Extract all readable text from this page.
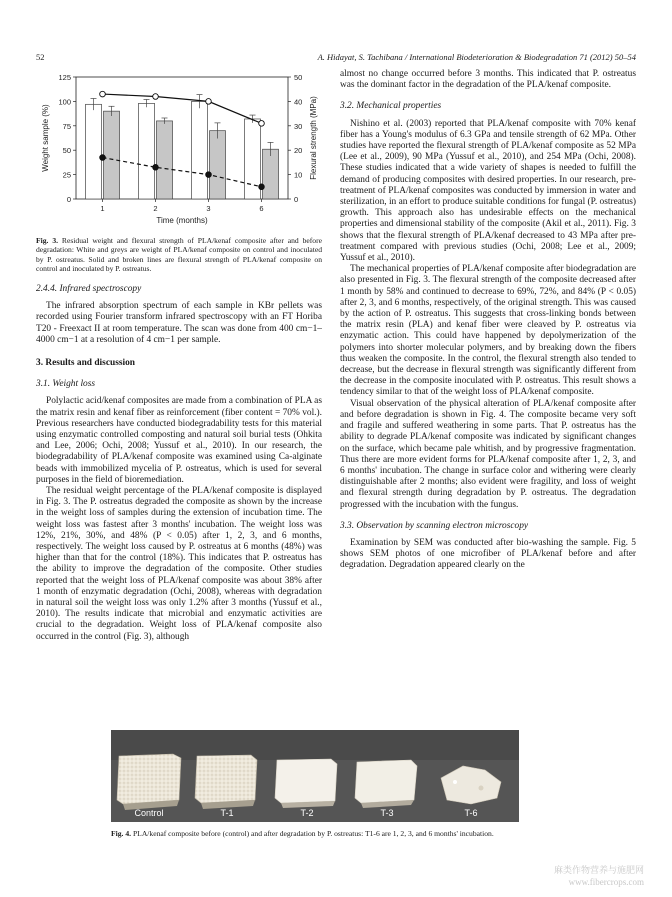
52	A. Hidayat, S. Tachibana / International Biodeterioration & Biodegradation 71 (2012) 50–54
0
25
50
75
100
125
0
10
20
30
40
50
1	2	3	6
Time (months)
Weight sample (%)	Flexural strength (MPa)
Fig. 3. Residual weight and flexural strength of PLA/kenaf composite after and before degradation: White and greys are weight of PLA/kenaf composite on control and inoculated by P. ostreatus. Solid and broken lines are flexural strength of PLA/kenaf composite on control and inoculated by P. ostreatus.
2.4.4. Infrared spectroscopy

The infrared absorption spectrum of each sample in KBr pellets was recorded using Fourier transform infrared spectroscopy with an FT Horiba T20 - Freexact II at room temperature. The scan was done from 400 cm−1–4000 cm−1 at a resolution of 4 cm−1 per sample.

3. Results and discussion
3.1. Weight loss

Polylactic acid/kenaf composites are made from a combination of PLA as the matrix resin and kenaf fiber as reinforcement (fiber content = 70% vol.). Previous researchers have conducted biodegradability tests for this material using enzymatic controlled composting and natural soil burial tests (Ohkita and Lee, 2006; Ochi, 2008; Yussuf et al., 2010). In our research, the biodegradability of PLA/kenaf composite was examined using Ca-alginate beads with immobilized mycelia of P. ostreatus, which is used for several purposes in the field of bioremediation.

The residual weight percentage of the PLA/kenaf composite is displayed in Fig. 3. The P. ostreatus degraded the composite as shown by the increase in the weight loss of samples during the extension of incubation time. The weight loss was fastest after 3 months' incubation. The weight loss was 12%, 21%, 30%, and 48% (P < 0.05) after 1, 2, 3, and 6 months, respectively. The weight loss caused by P. ostreatus at 6 months (48%) was higher than that for the control (18%). This indicates that P. ostreatus has the ability to improve the degradation of the composite. Other studies reported that the weight loss of PLA/kenaf composite was about 38% after 1 month of enzymatic degradation (Ochi, 2008), whereas with degradation in natural soil the weight loss was only 1.2% after 3 months (Yussuf et al., 2010). The results indicate that microbial and enzymatic activities are crucial to the degradation. Weight loss of PLA/kenaf composite also occurred in the control (Fig. 3), although

almost no change occurred before 3 months. This indicated that P. ostreatus was the dominant factor in the degradation of the PLA/kenaf composite.

3.2. Mechanical properties

Nishino et al. (2003) reported that PLA/kenaf composite with 70% kenaf fiber has a Young's modulus of 6.3 GPa and tensile strength of 62 MPa. Other studies have reported the flexural strength of PLA/kenaf composite as 52 MPa (Lee et al., 2009), 90 MPa (Yussuf et al., 2010), and 254 MPa (Ochi, 2008). These studies indicated that a wide variety of shapes is needed to fulfill the demand of producing composites with desired properties. In our research, pre-treatment of PLA/kenaf composites was conducted by immersion in water and sterilization, in an effort to produce suitable conditions for fungal (P. ostreatus) growth. This approach also has undesirable effects on the mechanical properties and dimensional stability of the composite (Akil et al., 2011). Fig. 3 shows that the flexural strength of PLA/kenaf decreased to 43 MPa after pre-treatment compared with previous studies (Ochi, 2008; Lee et al., 2009; Yussuf et al., 2010).

The mechanical properties of PLA/kenaf composite after biodegradation are also presented in Fig. 3. The flexural strength of the composite decreased after 1 month by 58% and continued to decrease to 69%, 72%, and 84% (P < 0.05) after 2, 3, and 6 months, respectively, of the original strength. This was caused by the action of P. ostreatus. This suggests that cross-linking bonds between the matrix resin (PLA) and kenaf fiber were cleaved by P. ostreatus via enzymatic action. This could have happened by depolymerization of the polymers into shorter molecular polymers, and by breaking down the fibers thus weaken the composite. In the control, the flexural strength also tended to decrease, but the decrease in flexural strength was significantly different from the decrease in the composite inoculated with P. ostreatus. This result shows a tendency similar to that of the weight loss of PLA/kenaf composite.

Visual observation of the physical alteration of PLA/kenaf composite after and before degradation is shown in Fig. 4. The composite became very soft and fragile and suffered weathering in some parts. That P. ostreatus has the ability to degrade PLA/kenaf composite was indicated by significant changes on the surface, which became pale whitish, and by progressive fragmentation. Thus there are more evident forms for PLA/kenaf composite after 1, 2, 3, and 6 months' incubation. The change in surface color and withering were clearly distinguishable after 2 months; also evident were fragility, and loss of weight and flexural strength during degradation by P. ostreatus. The degradation progressed with the incubation with the fungus.

3.3. Observation by scanning electron microscopy

Examination by SEM was conducted after bio-washing the sample. Fig. 5 shows SEM photos of one microfiber of PLA/kenaf before and after degradation. Degradation appeared clearly on the

Control	T-1	T-2	T-3	T-6
Fig. 4. PLA/kenaf composite before (control) and after degradation by P. ostreatus: T1-6 are 1, 2, 3, and 6 months' incubation.
麻类作物营养与施肥网
www.fibercrops.com
